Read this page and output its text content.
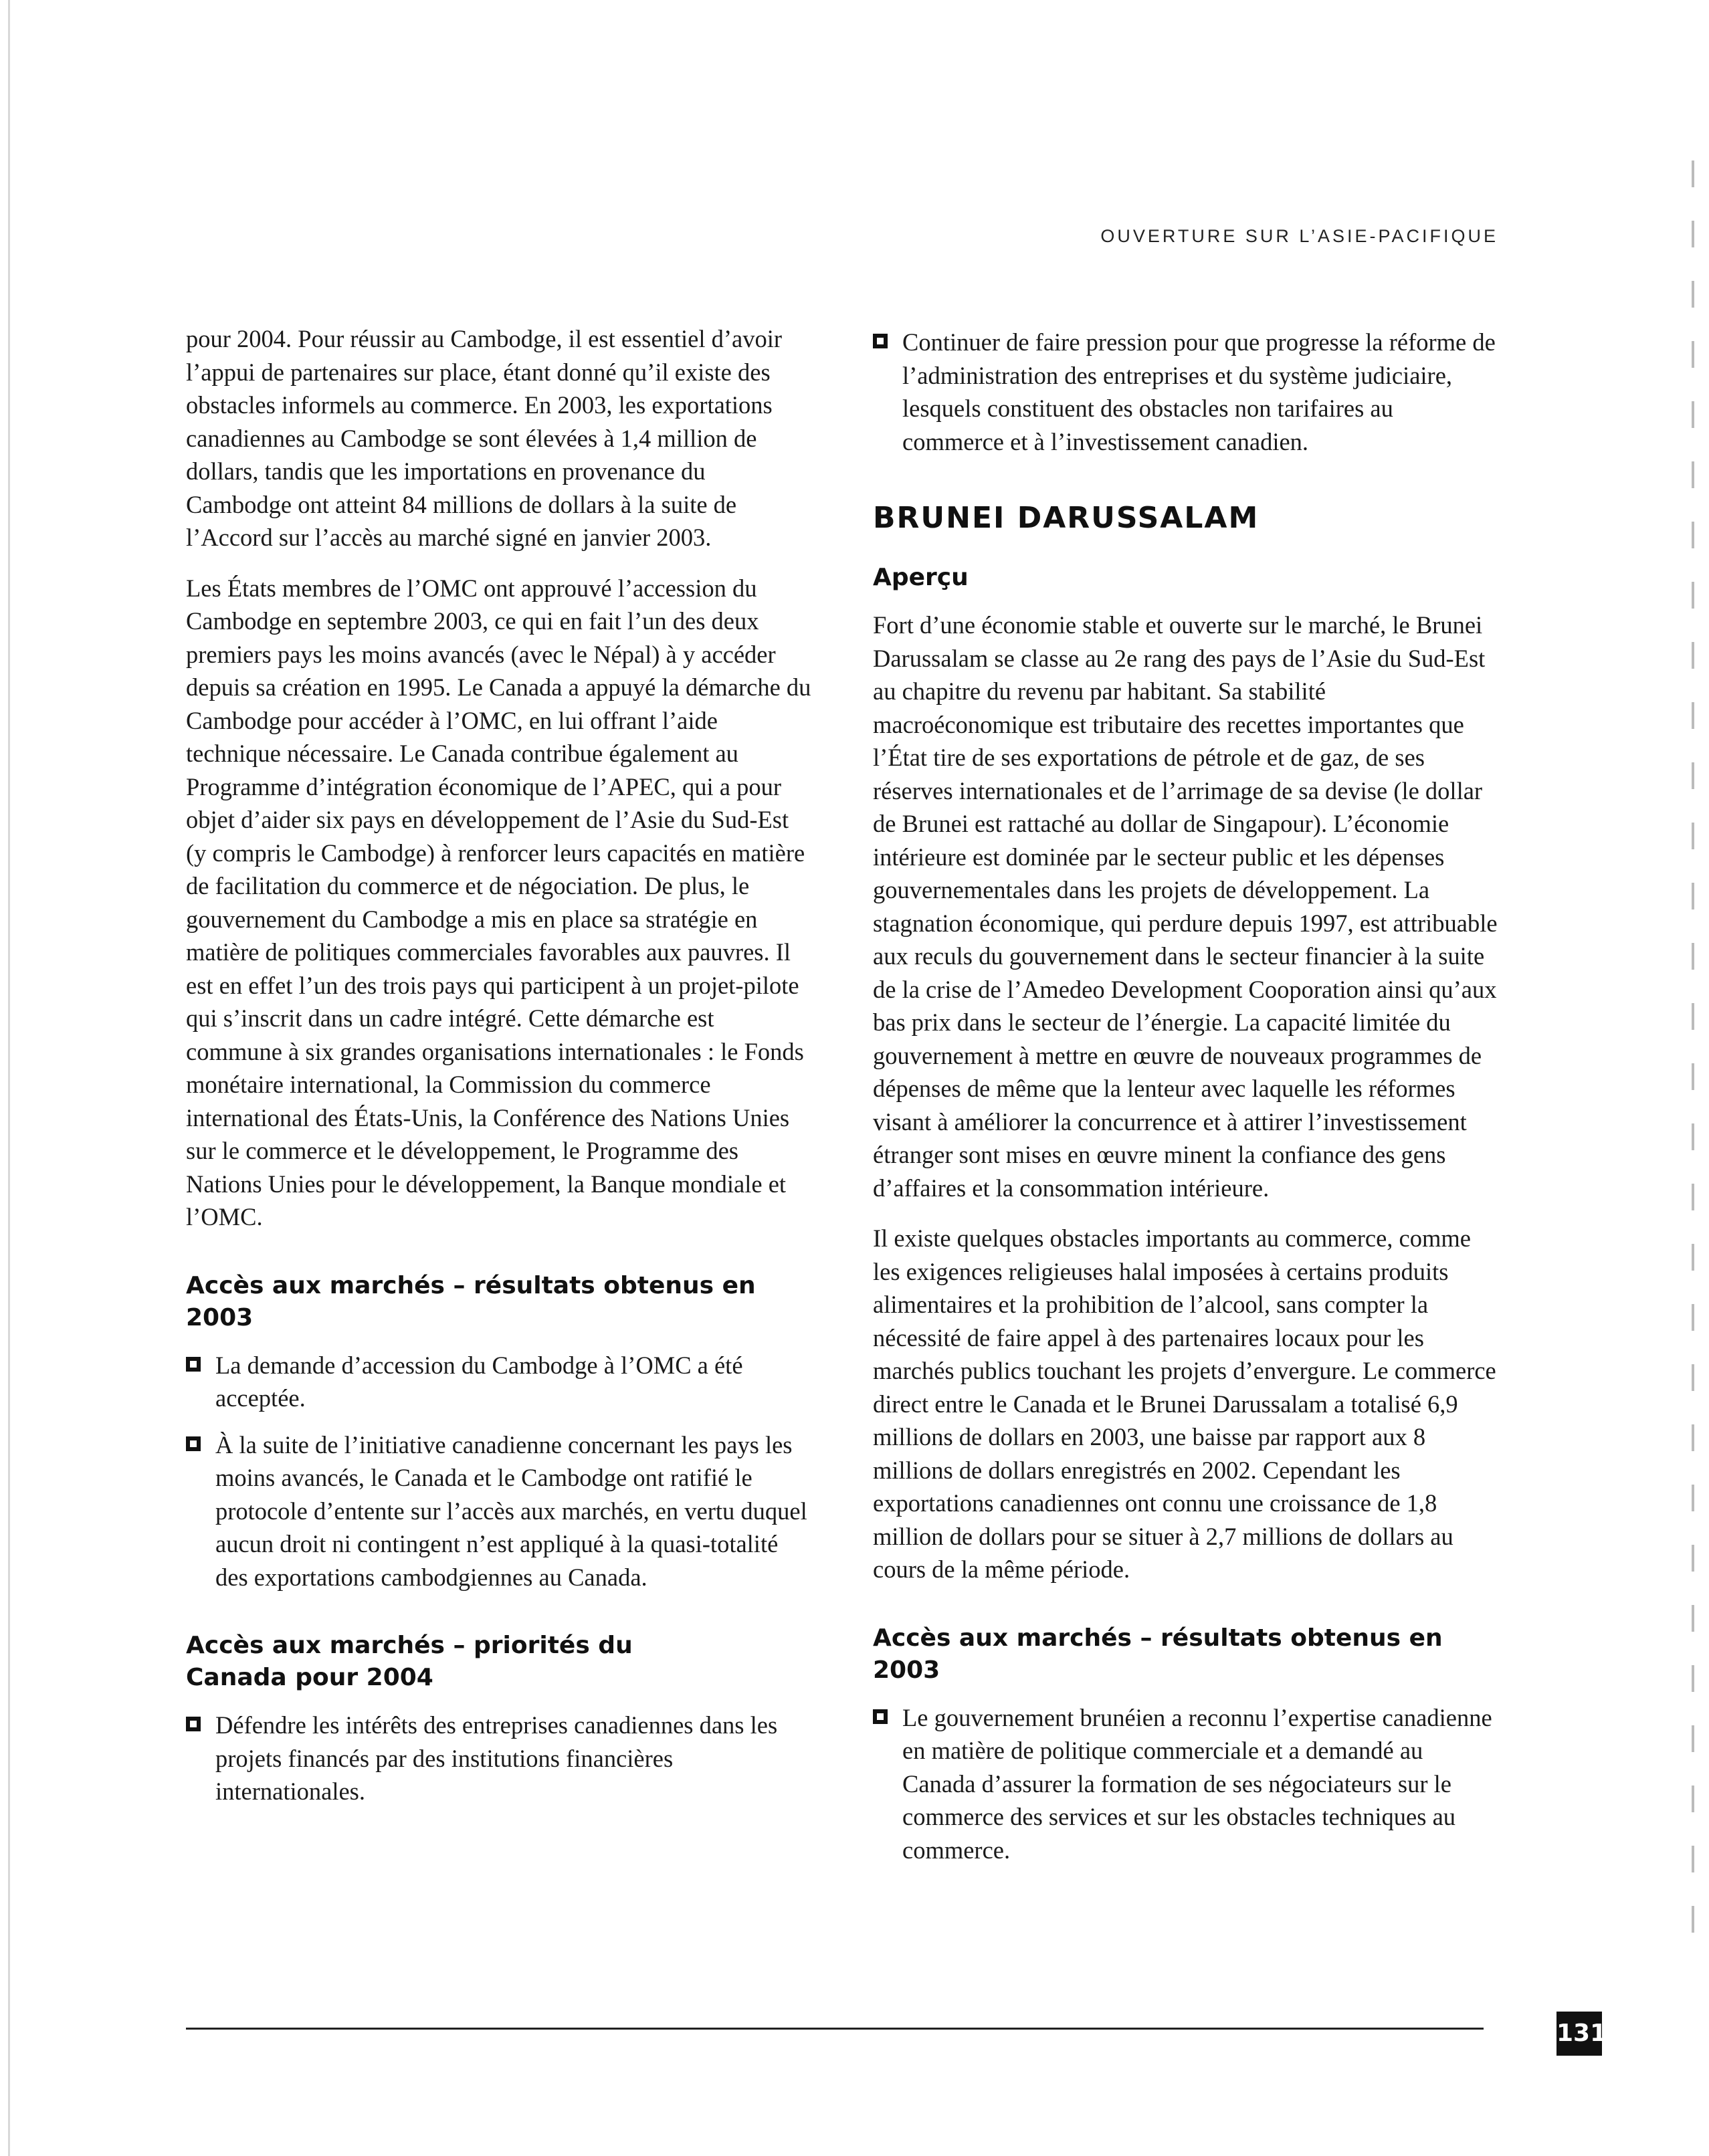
OUVERTURE SUR L’ASIE-PACIFIQUE

pour 2004. Pour réussir au Cambodge, il est essentiel d’avoir l’appui de partenaires sur place, étant donné qu’il existe des obstacles informels au commerce. En 2003, les exportations canadiennes au Cambodge se sont élevées à 1,4 million de dollars, tandis que les importations en provenance du Cambodge ont atteint 84 millions de dollars à la suite de l’Accord sur l’accès au marché signé en janvier 2003.

Les États membres de l’OMC ont approuvé l’accession du Cambodge en septembre 2003, ce qui en fait l’un des deux premiers pays les moins avancés (avec le Népal) à y accéder depuis sa création en 1995. Le Canada a appuyé la démarche du Cambodge pour accéder à l’OMC, en lui offrant l’aide technique nécessaire. Le Canada contribue également au Programme d’intégration économique de l’APEC, qui a pour objet d’aider six pays en développement de l’Asie du Sud-Est (y compris le Cambodge) à renforcer leurs capacités en matière de facilitation du commerce et de négociation. De plus, le gouvernement du Cambodge a mis en place sa stratégie en matière de politiques commerciales favorables aux pauvres. Il est en effet l’un des trois pays qui participent à un projet-pilote qui s’inscrit dans un cadre intégré. Cette démarche est commune à six grandes organisations internationales : le Fonds monétaire international, la Commission du commerce international des États-Unis, la Conférence des Nations Unies sur le commerce et le développement, le Programme des Nations Unies pour le développement, la Banque mondiale et l’OMC.

Accès aux marchés – résultats obtenus en 2003
La demande d’accession du Cambodge à l’OMC a été acceptée.
À la suite de l’initiative canadienne concernant les pays les moins avancés, le Canada et le Cambodge ont ratifié le protocole d’entente sur l’accès aux marchés, en vertu duquel aucun droit ni contingent n’est appliqué à la quasi-totalité des exportations cambodgiennes au Canada.
Accès aux marchés – priorités du Canada pour 2004
Défendre les intérêts des entreprises canadiennes dans les projets financés par des institutions financières internationales.
Continuer de faire pression pour que progresse la réforme de l’administration des entreprises et du système judiciaire, lesquels constituent des obstacles non tarifaires au commerce et à l’investissement canadien.
BRUNEI DARUSSALAM
Aperçu

Fort d’une économie stable et ouverte sur le marché, le Brunei Darussalam se classe au 2e rang des pays de l’Asie du Sud-Est au chapitre du revenu par habitant. Sa stabilité macroéconomique est tributaire des recettes importantes que l’État tire de ses exportations de pétrole et de gaz, de ses réserves internationales et de l’arrimage de sa devise (le dollar de Brunei est rattaché au dollar de Singapour). L’économie intérieure est dominée par le secteur public et les dépenses gouvernementales dans les projets de développement. La stagnation économique, qui perdure depuis 1997, est attribuable aux reculs du gouvernement dans le secteur financier à la suite de la crise de l’Amedeo Development Cooporation ainsi qu’aux bas prix dans le secteur de l’énergie. La capacité limitée du gouvernement à mettre en œuvre de nouveaux programmes de dépenses de même que la lenteur avec laquelle les réformes visant à améliorer la concurrence et à attirer l’investissement étranger sont mises en œuvre minent la confiance des gens d’affaires et la consommation intérieure.

Il existe quelques obstacles importants au commerce, comme les exigences religieuses halal imposées à certains produits alimentaires et la prohibition de l’alcool, sans compter la nécessité de faire appel à des partenaires locaux pour les marchés publics touchant les projets d’envergure. Le commerce direct entre le Canada et le Brunei Darussalam a totalisé 6,9 millions de dollars en 2003, une baisse par rapport aux 8 millions de dollars enregistrés en 2002. Cependant les exportations canadiennes ont connu une croissance de 1,8 million de dollars pour se situer à 2,7 millions de dollars au cours de la même période.

Accès aux marchés – résultats obtenus en 2003
Le gouvernement brunéien a reconnu l’expertise canadienne en matière de politique commerciale et a demandé au Canada d’assurer la formation de ses négociateurs sur le commerce des services et sur les obstacles techniques au commerce.
131
